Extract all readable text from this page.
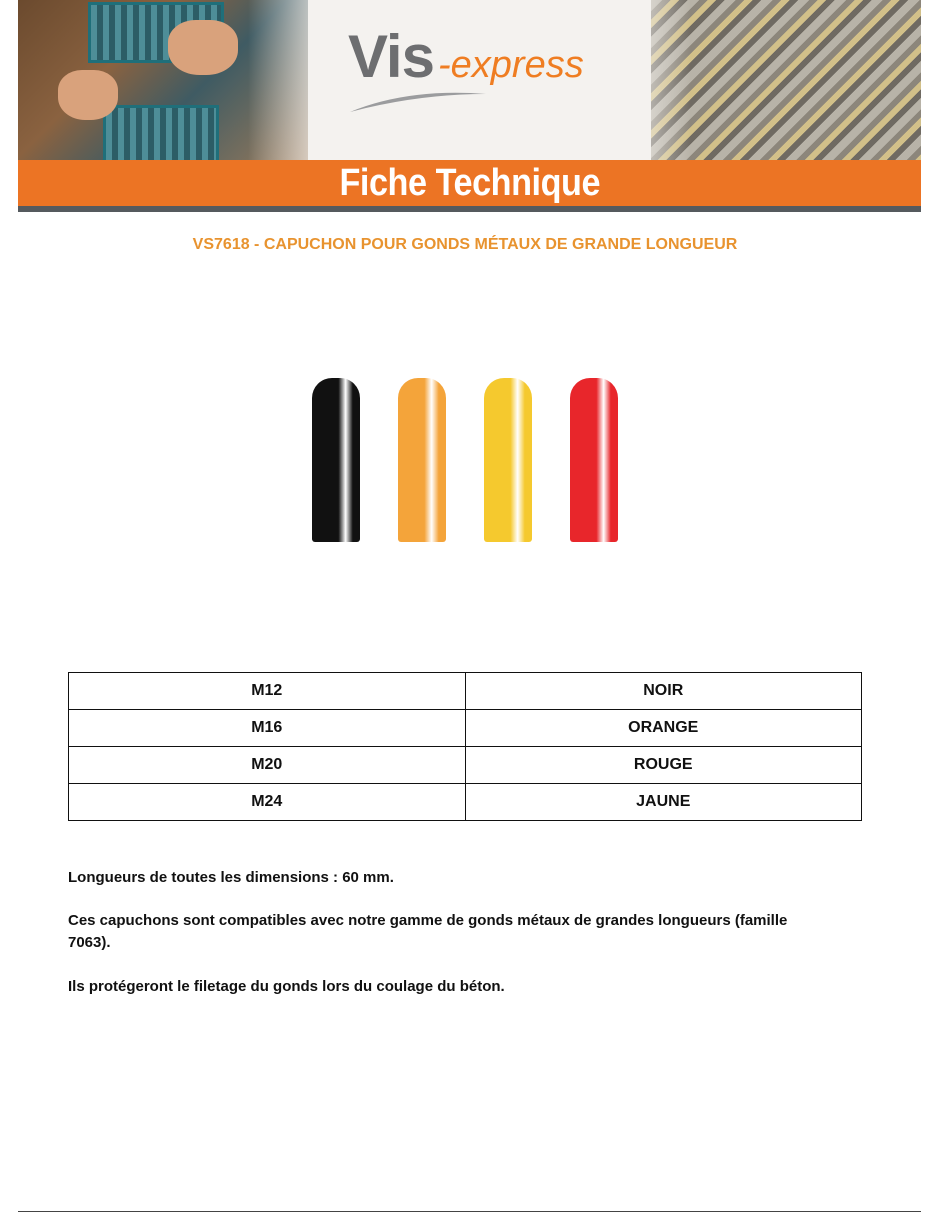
Vis -express
Fiche Technique
VS7618 - CAPUCHON POUR GONDS MÉTAUX DE GRANDE LONGUEUR
M12	NOIR
M16	ORANGE
M20	ROUGE
M24	JAUNE
Longueurs de toutes les dimensions : 60 mm.
Ces capuchons sont compatibles avec notre gamme de gonds métaux de grandes longueurs (famille 7063).
Ils protégeront le filetage du gonds lors du coulage du béton.
